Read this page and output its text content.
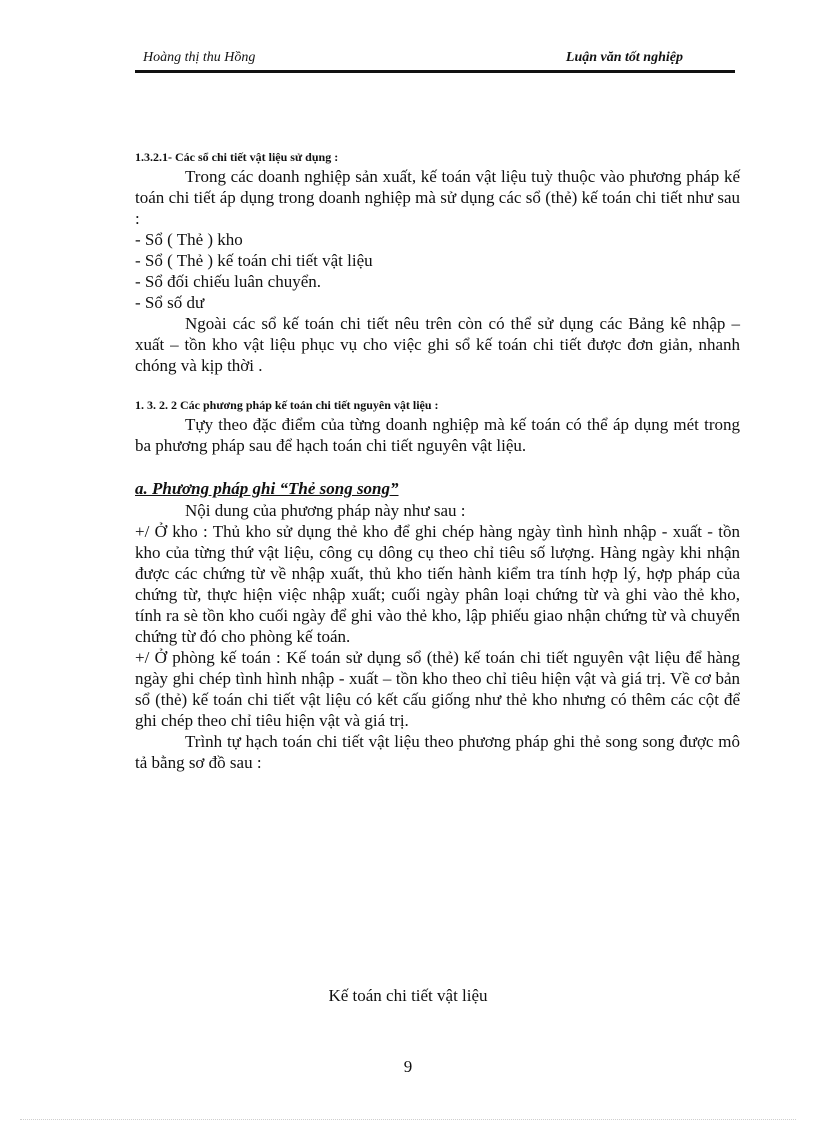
Hoàng thị thu Hồng	Luận văn tốt nghiệp

1.3.2.1- Các sổ chi tiết vật liệu sử dụng :

Trong các doanh nghiệp sản xuất, kế toán vật liệu tuỳ thuộc vào phương pháp kế toán chi tiết áp dụng trong doanh nghiệp mà sử dụng các sổ (thẻ) kế toán chi tiết như sau :

- Sổ ( Thẻ ) kho

- Sổ ( Thẻ ) kế toán chi tiết vật liệu

- Sổ đối chiếu luân chuyển.

- Sổ số dư

Ngoài các sổ kế toán chi tiết nêu trên còn có thể sử dụng các Bảng kê nhập – xuất – tồn kho vật liệu phục vụ cho việc ghi sổ kế toán chi tiết được đơn giản, nhanh chóng và kịp thời .

1. 3. 2. 2 Các phương pháp kế toán chi tiết nguyên vật liệu :

Tựy theo đặc điểm của từng doanh nghiệp mà kế toán có thể áp dụng mét trong ba phương pháp sau để hạch toán chi tiết nguyên vật liệu.

a. Phương pháp ghi “Thẻ song song”

Nội dung của phương pháp này như sau :

+/ Ở kho : Thủ kho sử dụng thẻ kho để ghi chép hàng ngày tình hình nhập - xuất - tồn kho của từng thứ vật liệu, công cụ dông cụ theo chỉ tiêu số lượng. Hàng ngày khi nhận được các chứng từ về nhập xuất, thủ kho tiến hành kiểm tra tính hợp lý, hợp pháp của chứng từ, thực hiện việc nhập xuất; cuối ngày phân loại chứng từ và ghi vào thẻ kho, tính ra sè tồn kho cuối ngày để ghi vào thẻ kho, lập phiếu giao nhận chứng từ và chuyển chứng từ đó cho phòng kế toán.

+/ Ở phòng kế toán : Kế toán sử dụng sổ (thẻ) kế toán chi tiết nguyên vật liệu để hàng ngày ghi chép tình hình nhập - xuất – tồn kho theo chỉ tiêu hiện vật và giá trị. Về cơ bản sổ (thẻ) kế toán chi tiết vật liệu có kết cấu giống như thẻ kho nhưng có thêm các cột để ghi chép theo chỉ tiêu hiện vật và giá trị.

Trình tự hạch toán chi tiết vật liệu theo phương pháp ghi thẻ song song được mô tả bằng sơ đồ sau :

Kế toán chi tiết vật liệu
9
